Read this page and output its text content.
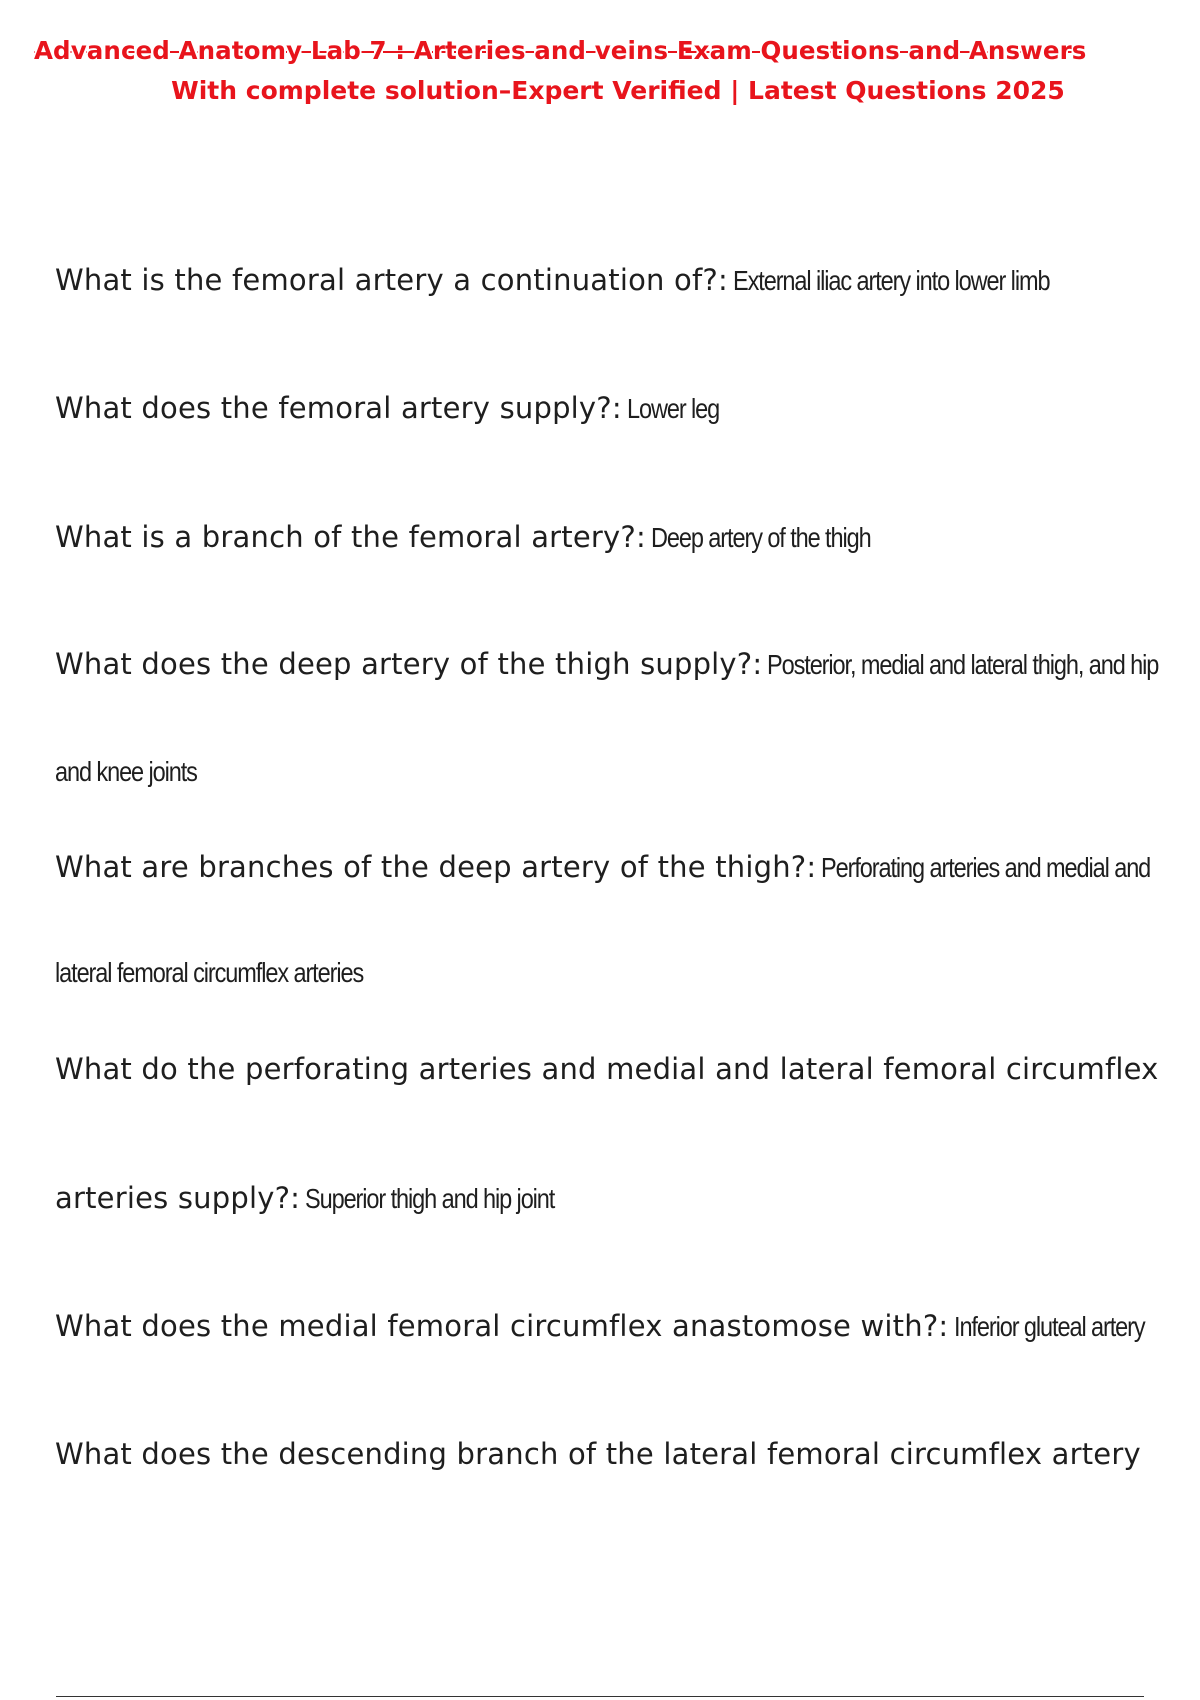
Advanced Anatomy Lab 7 : Arteries and veins Exam Questions and Answers
With complete solution–Expert Verified | Latest Questions 2025
What is the femoral artery a continuation of?: External iliac artery into lower limb
What does the femoral artery supply?: Lower leg
What is a branch of the femoral artery?: Deep artery of the thigh
What does the deep artery of the thigh supply?: Posterior, medial and lateral thigh, and hip
and knee joints
What are branches of the deep artery of the thigh?: Perforating arteries and medial and
lateral femoral circumflex arteries
What do the perforating arteries and medial and lateral femoral circumflex
arteries supply?: Superior thigh and hip joint
What does the medial femoral circumflex anastomose with?: Inferior gluteal artery
What does the descending branch of the lateral femoral circumflex artery
